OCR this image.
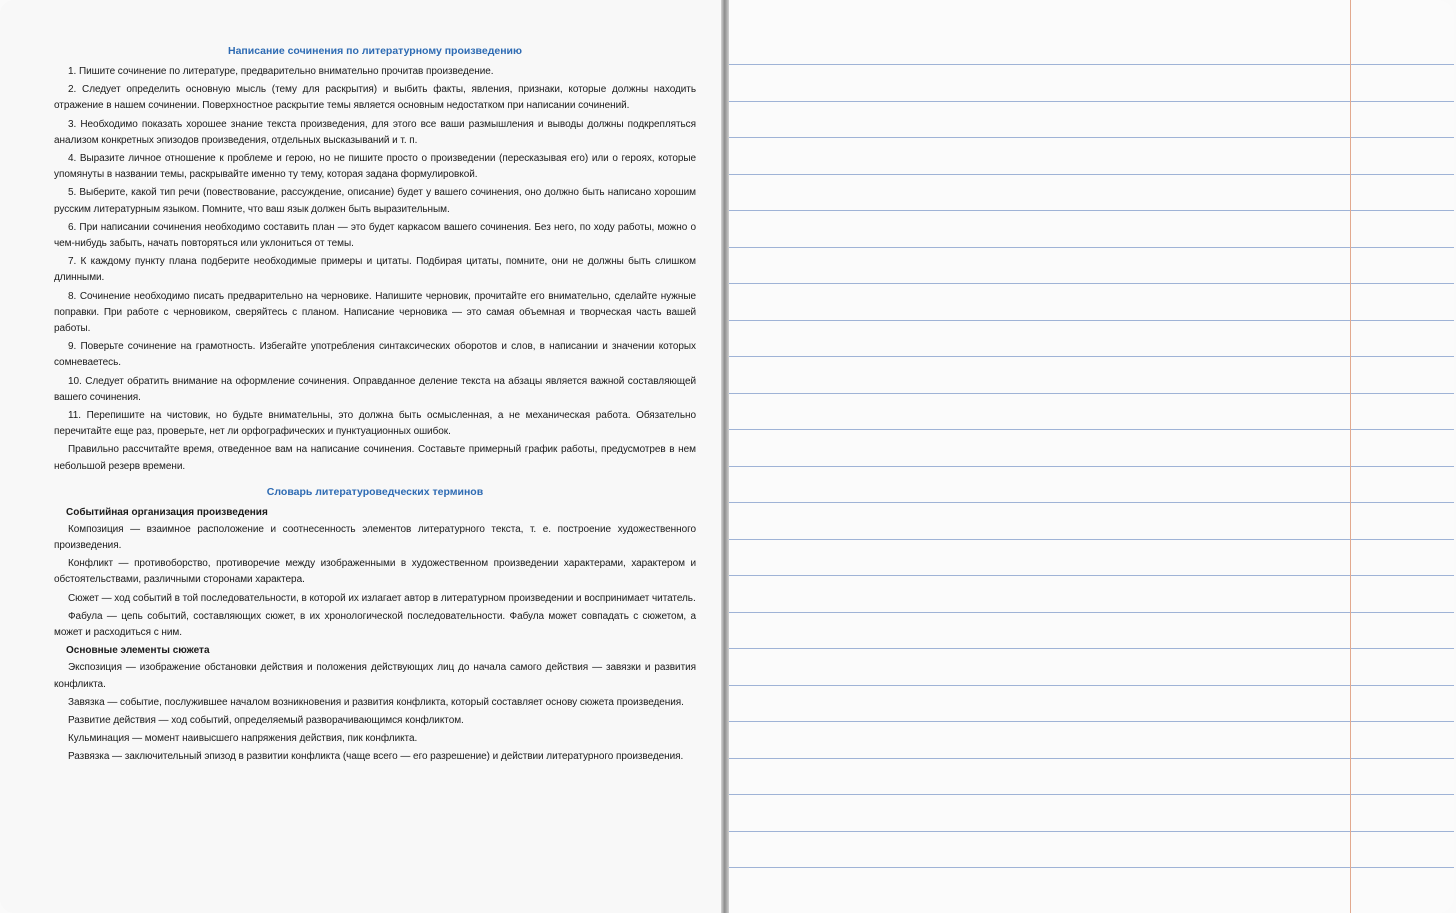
Написание сочинения по литературному произведению

1. Пишите сочинение по литературе, предварительно внимательно прочитав произведение.

2. Следует определить основную мысль (тему для раскрытия) и выбить факты, явления, признаки, которые должны находить отражение в нашем сочинении. Поверхностное раскрытие темы является основным недостатком при написании сочинений.

3. Необходимо показать хорошее знание текста произведения, для этого все ваши размышления и выводы должны подкрепляться анализом конкретных эпизодов произведения, отдельных высказываний и т. п.

4. Выразите личное отношение к проблеме и герою, но не пишите просто о произведении (пересказывая его) или о героях, которые упомянуты в названии темы, раскрывайте именно ту тему, которая задана формулировкой.

5. Выберите, какой тип речи (повествование, рассуждение, описание) будет у вашего сочинения, оно должно быть написано хорошим русским литературным языком. Помните, что ваш язык должен быть выразительным.

6. При написании сочинения необходимо составить план — это будет каркасом вашего сочинения. Без него, по ходу работы, можно о чем-нибудь забыть, начать повторяться или уклониться от темы.

7. К каждому пункту плана подберите необходимые примеры и цитаты. Подбирая цитаты, помните, они не должны быть слишком длинными.

8. Сочинение необходимо писать предварительно на черновике. Напишите черновик, прочитайте его внимательно, сделайте нужные поправки. При работе с черновиком, сверяйтесь с планом. Написание черновика — это самая объемная и творческая часть вашей работы.

9. Поверьте сочинение на грамотность. Избегайте употребления синтаксических оборотов и слов, в написании и значении которых сомневаетесь.

10. Следует обратить внимание на оформление сочинения. Оправданное деление текста на абзацы является важной составляющей вашего сочинения.

11. Перепишите на чистовик, но будьте внимательны, это должна быть осмысленная, а не механическая работа. Обязательно перечитайте еще раз, проверьте, нет ли орфографических и пунктуационных ошибок.

Правильно рассчитайте время, отведенное вам на написание сочинения. Составьте примерный график работы, предусмотрев в нем небольшой резерв времени.

Словарь литературоведческих терминов
Событийная организация произведения

Композиция — взаимное расположение и соотнесенность элементов литературного текста, т. е. построение художественного произведения.

Конфликт — противоборство, противоречие между изображенными в художественном произведении характерами, характером и обстоятельствами, различными сторонами характера.

Сюжет — ход событий в той последовательности, в которой их излагает автор в литературном произведении и воспринимает читатель.

Фабула — цепь событий, составляющих сюжет, в их хронологической последовательности. Фабула может совпадать с сюжетом, а может и расходиться с ним.

Основные элементы сюжета

Экспозиция — изображение обстановки действия и положения действующих лиц до начала самого действия — завязки и развития конфликта.

Завязка — событие, послужившее началом возникновения и развития конфликта, который составляет основу сюжета произведения.

Развитие действия — ход событий, определяемый разворачивающимся конфликтом.

Кульминация — момент наивысшего напряжения действия, пик конфликта.

Развязка — заключительный эпизод в развитии конфликта (чаще всего — его разрешение) и действии литературного произведения.
